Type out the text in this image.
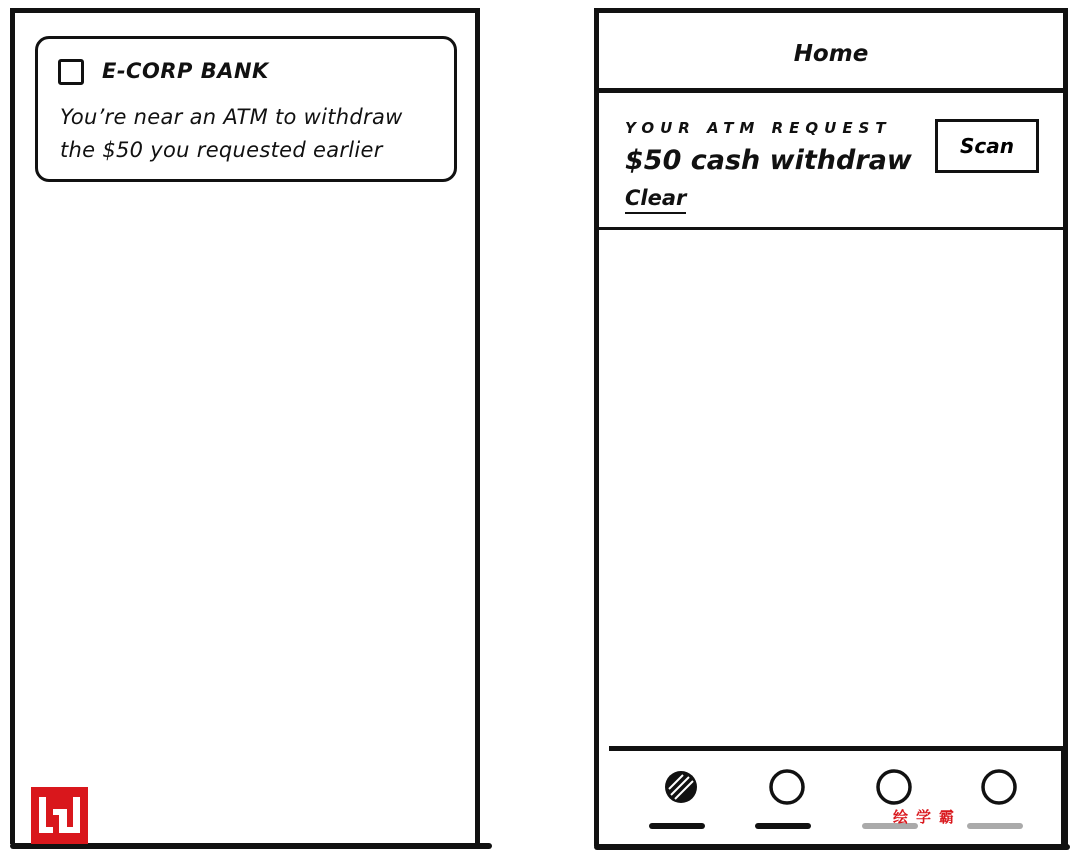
E-CORP BANK
You’re near an ATM to withdraw the $50 you requested earlier
Home
YOUR ATM REQUEST
$50 cash withdraw
Clear
Scan
绘学霸
